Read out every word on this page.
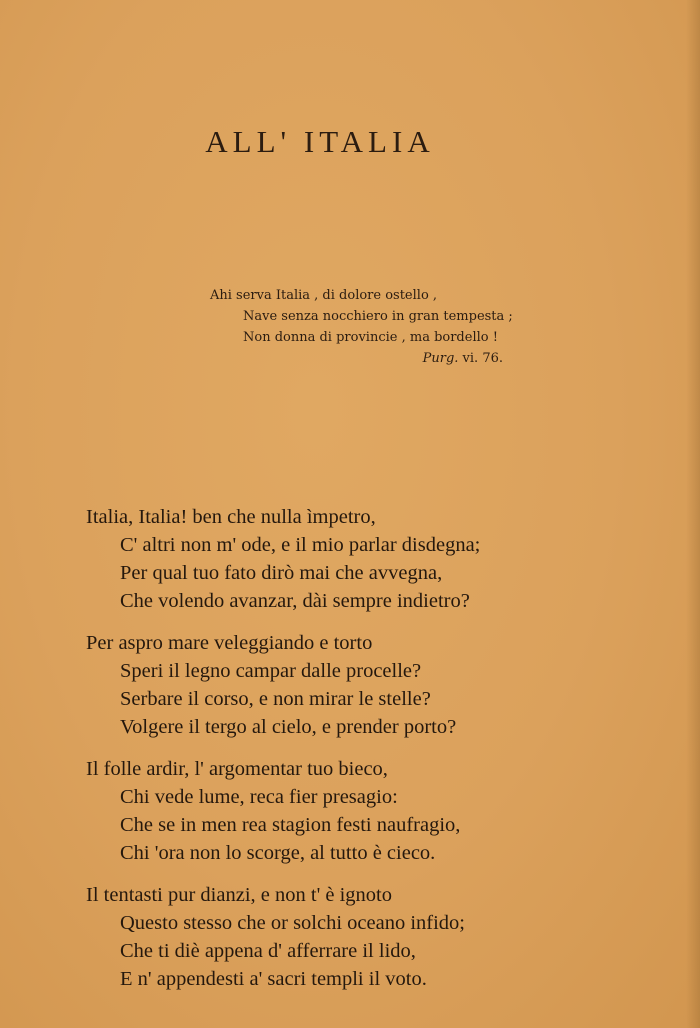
ALL' ITALIA
Ahi serva Italia , di dolore ostello ,
Nave senza nocchiero in gran tempesta ;
Non donna di provincie , ma bordello !
Purg. vi. 76.
Italia, Italia! ben che nulla ìmpetro,
C' altri non m' ode, e il mio parlar disdegna;
Per qual tuo fato dirò mai che avvegna,
Che volendo avanzar, dài sempre indietro?
Per aspro mare veleggiando e torto
Speri il legno campar dalle procelle?
Serbare il corso, e non mirar le stelle?
Volgere il tergo al cielo, e prender porto?
Il folle ardir, l' argomentar tuo bieco,
Chi vede lume, reca fier presagio:
Che se in men rea stagion festi naufragio,
Chi 'ora non lo scorge, al tutto è cieco.
Il tentasti pur dianzi, e non t' è ignoto
Questo stesso che or solchi oceano infido;
Che ti diè appena d' afferrare il lido,
E n' appendesti a' sacri templi il voto.
